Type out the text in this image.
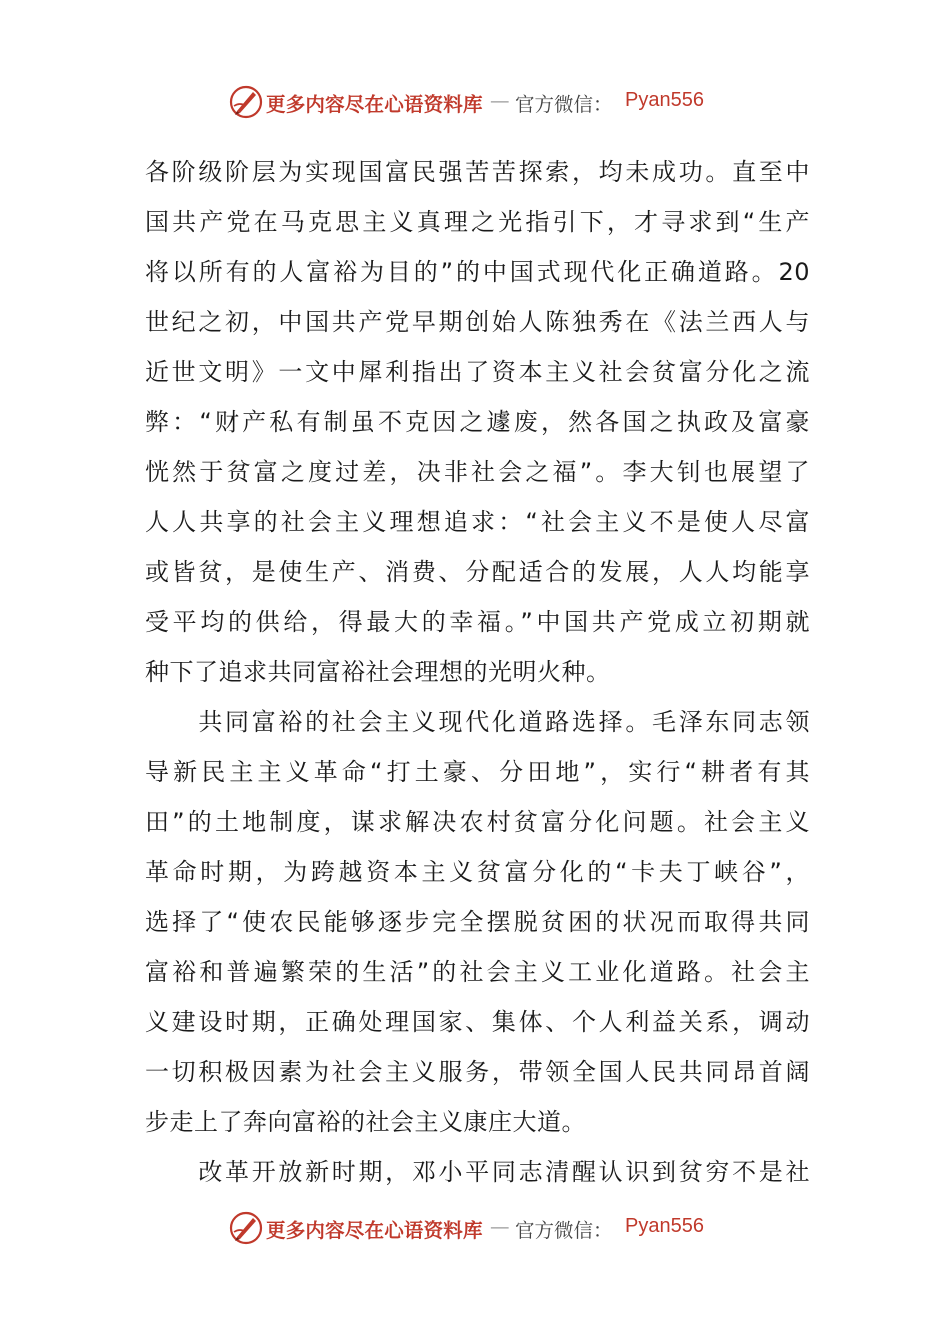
更多内容尽在心语资料库 — 官方微信： Pyan556
各阶级阶层为实现国富民强苦苦探索，均未成功。直至中
国共产党在马克思主义真理之光指引下，才寻求到“生产
将以所有的人富裕为目的”的中国式现代化正确道路。20
世纪之初，中国共产党早期创始人陈独秀在《法兰西人与
近世文明》一文中犀利指出了资本主义社会贫富分化之流
弊：“财产私有制虽不克因之遽废，然各国之执政及富豪
恍然于贫富之度过差，决非社会之福”。李大钊也展望了
人人共享的社会主义理想追求：“社会主义不是使人尽富
或皆贫，是使生产、消费、分配适合的发展，人人均能享
受平均的供给，得最大的幸福。”中国共产党成立初期就
种下了追求共同富裕社会理想的光明火种。
　　共同富裕的社会主义现代化道路选择。毛泽东同志领
导新民主主义革命“打土豪、分田地”，实行“耕者有其
田”的土地制度，谋求解决农村贫富分化问题。社会主义
革命时期，为跨越资本主义贫富分化的“卡夫丁峡谷”，
选择了“使农民能够逐步完全摆脱贫困的状况而取得共同
富裕和普遍繁荣的生活”的社会主义工业化道路。社会主
义建设时期，正确处理国家、集体、个人利益关系，调动
一切积极因素为社会主义服务，带领全国人民共同昂首阔
步走上了奔向富裕的社会主义康庄大道。
　　改革开放新时期，邓小平同志清醒认识到贫穷不是社
更多内容尽在心语资料库 — 官方微信： Pyan556
